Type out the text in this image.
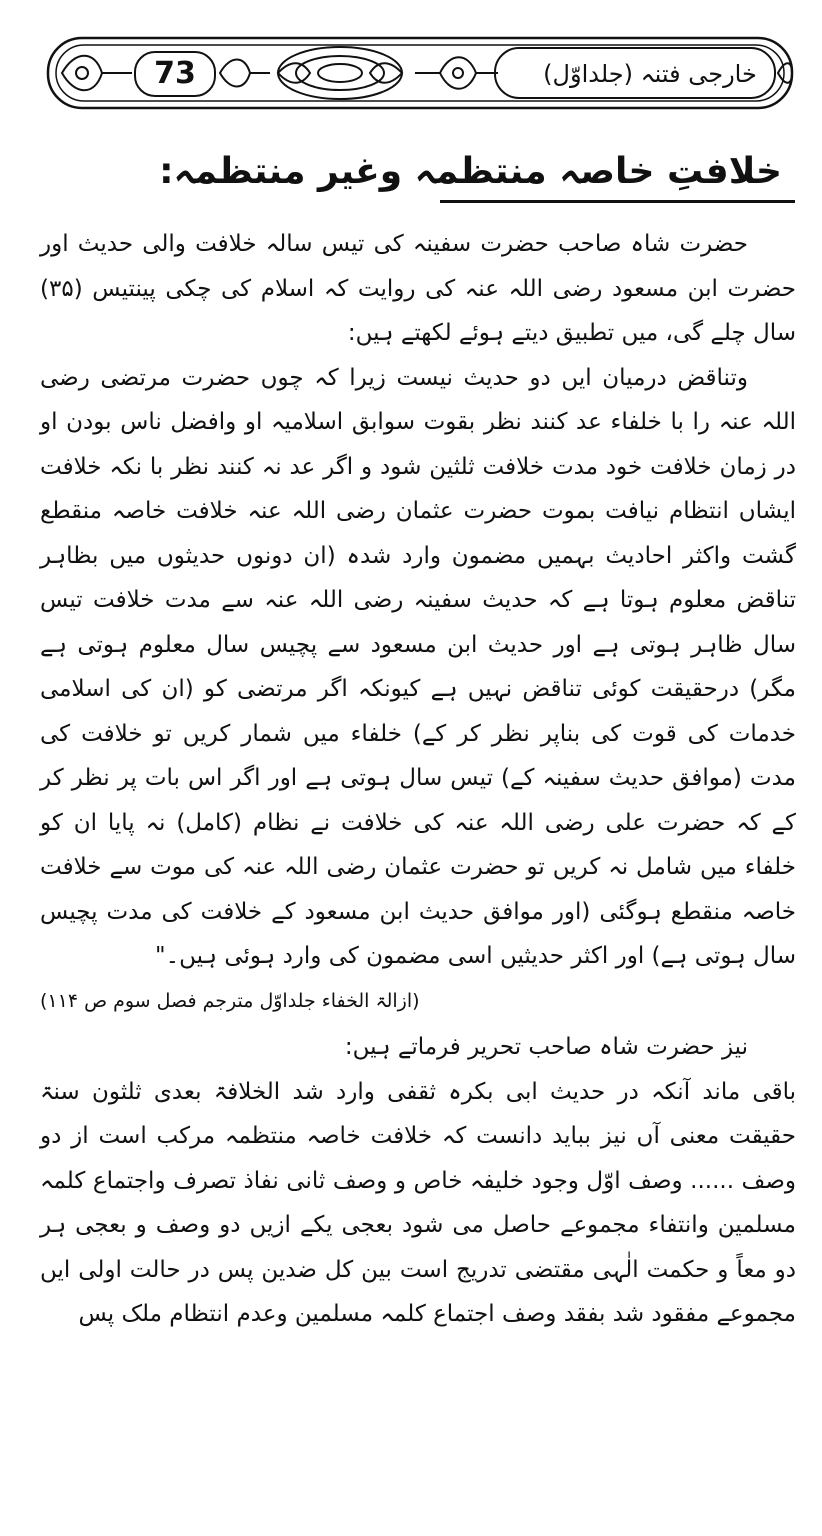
73	خارجی فتنہ (جلداوّل)
خلافتِ خاصہ منتظمہ وغیر منتظمہ:

حضرت شاہ صاحب حضرت سفینہ کی تیس سالہ خلافت والی حدیث اور حضرت ابن مسعود رضی اللہ عنہ کی روایت کہ اسلام کی چکی پینتیس (۳۵) سال چلے گی، میں تطبیق دیتے ہوئے لکھتے ہیں:

وتناقض درمیان ایں دو حدیث نیست زیرا کہ چوں حضرت مرتضی رضی اللہ عنہ را با خلفاء عد کنند نظر بقوت سوابق اسلامیہ او وافضل ناس بودن او در زمان خلافت خود مدت خلافت ثلثین شود و اگر عد نہ کنند نظر با نکہ خلافت ایشاں انتظام نیافت بموت حضرت عثمان رضی اللہ عنہ خلافت خاصہ منقطع گشت واکثر احادیث بہمیں مضمون وارد شدہ (ان دونوں حدیثوں میں بظاہر تناقض معلوم ہوتا ہے کہ حدیث سفینہ رضی اللہ عنہ سے مدت خلافت تیس سال ظاہر ہوتی ہے اور حدیث ابن مسعود سے پچیس سال معلوم ہوتی ہے مگر) درحقیقت کوئی تناقض نہیں ہے کیونکہ اگر مرتضی کو (ان کی اسلامی خدمات کی قوت کی بناپر نظر کر کے) خلفاء میں شمار کریں تو خلافت کی مدت (موافق حدیث سفینہ کے) تیس سال ہوتی ہے اور اگر اس بات پر نظر کر کے کہ حضرت علی رضی اللہ عنہ کی خلافت نے نظام (کامل) نہ پایا ان کو خلفاء میں شامل نہ کریں تو حضرت عثمان رضی اللہ عنہ کی موت سے خلافت خاصہ منقطع ہوگئی (اور موافق حدیث ابن مسعود کے خلافت کی مدت پچیس سال ہوتی ہے) اور اکثر حدیثیں اسی مضمون کی وارد ہوئی ہیں۔"

(ازالۃ الخفاء جلداوّل مترجم فصل سوم ص ۱۱۴)

نیز حضرت شاہ صاحب تحریر فرماتے ہیں:

باقی ماند آنکہ در حدیث ابی بکرہ ثقفی وارد شد الخلافۃ بعدی ثلثون سنۃ حقیقت معنی آں نیز بباید دانست کہ خلافت خاصہ منتظمہ مرکب است از دو وصف ...... وصف اوّل وجود خلیفہ خاص و وصف ثانی نفاذ تصرف واجتماع کلمہ مسلمین وانتفاء مجموعے حاصل می شود بعجی یکے ازیں دو وصف و بعجی ہر دو معاً و حکمت الٰہی مقتضی تدریج است بین کل ضدین پس در حالت اولی ایں مجموعے مفقود شد بفقد وصف اجتماع کلمہ مسلمین وعدم انتظام ملک پس
